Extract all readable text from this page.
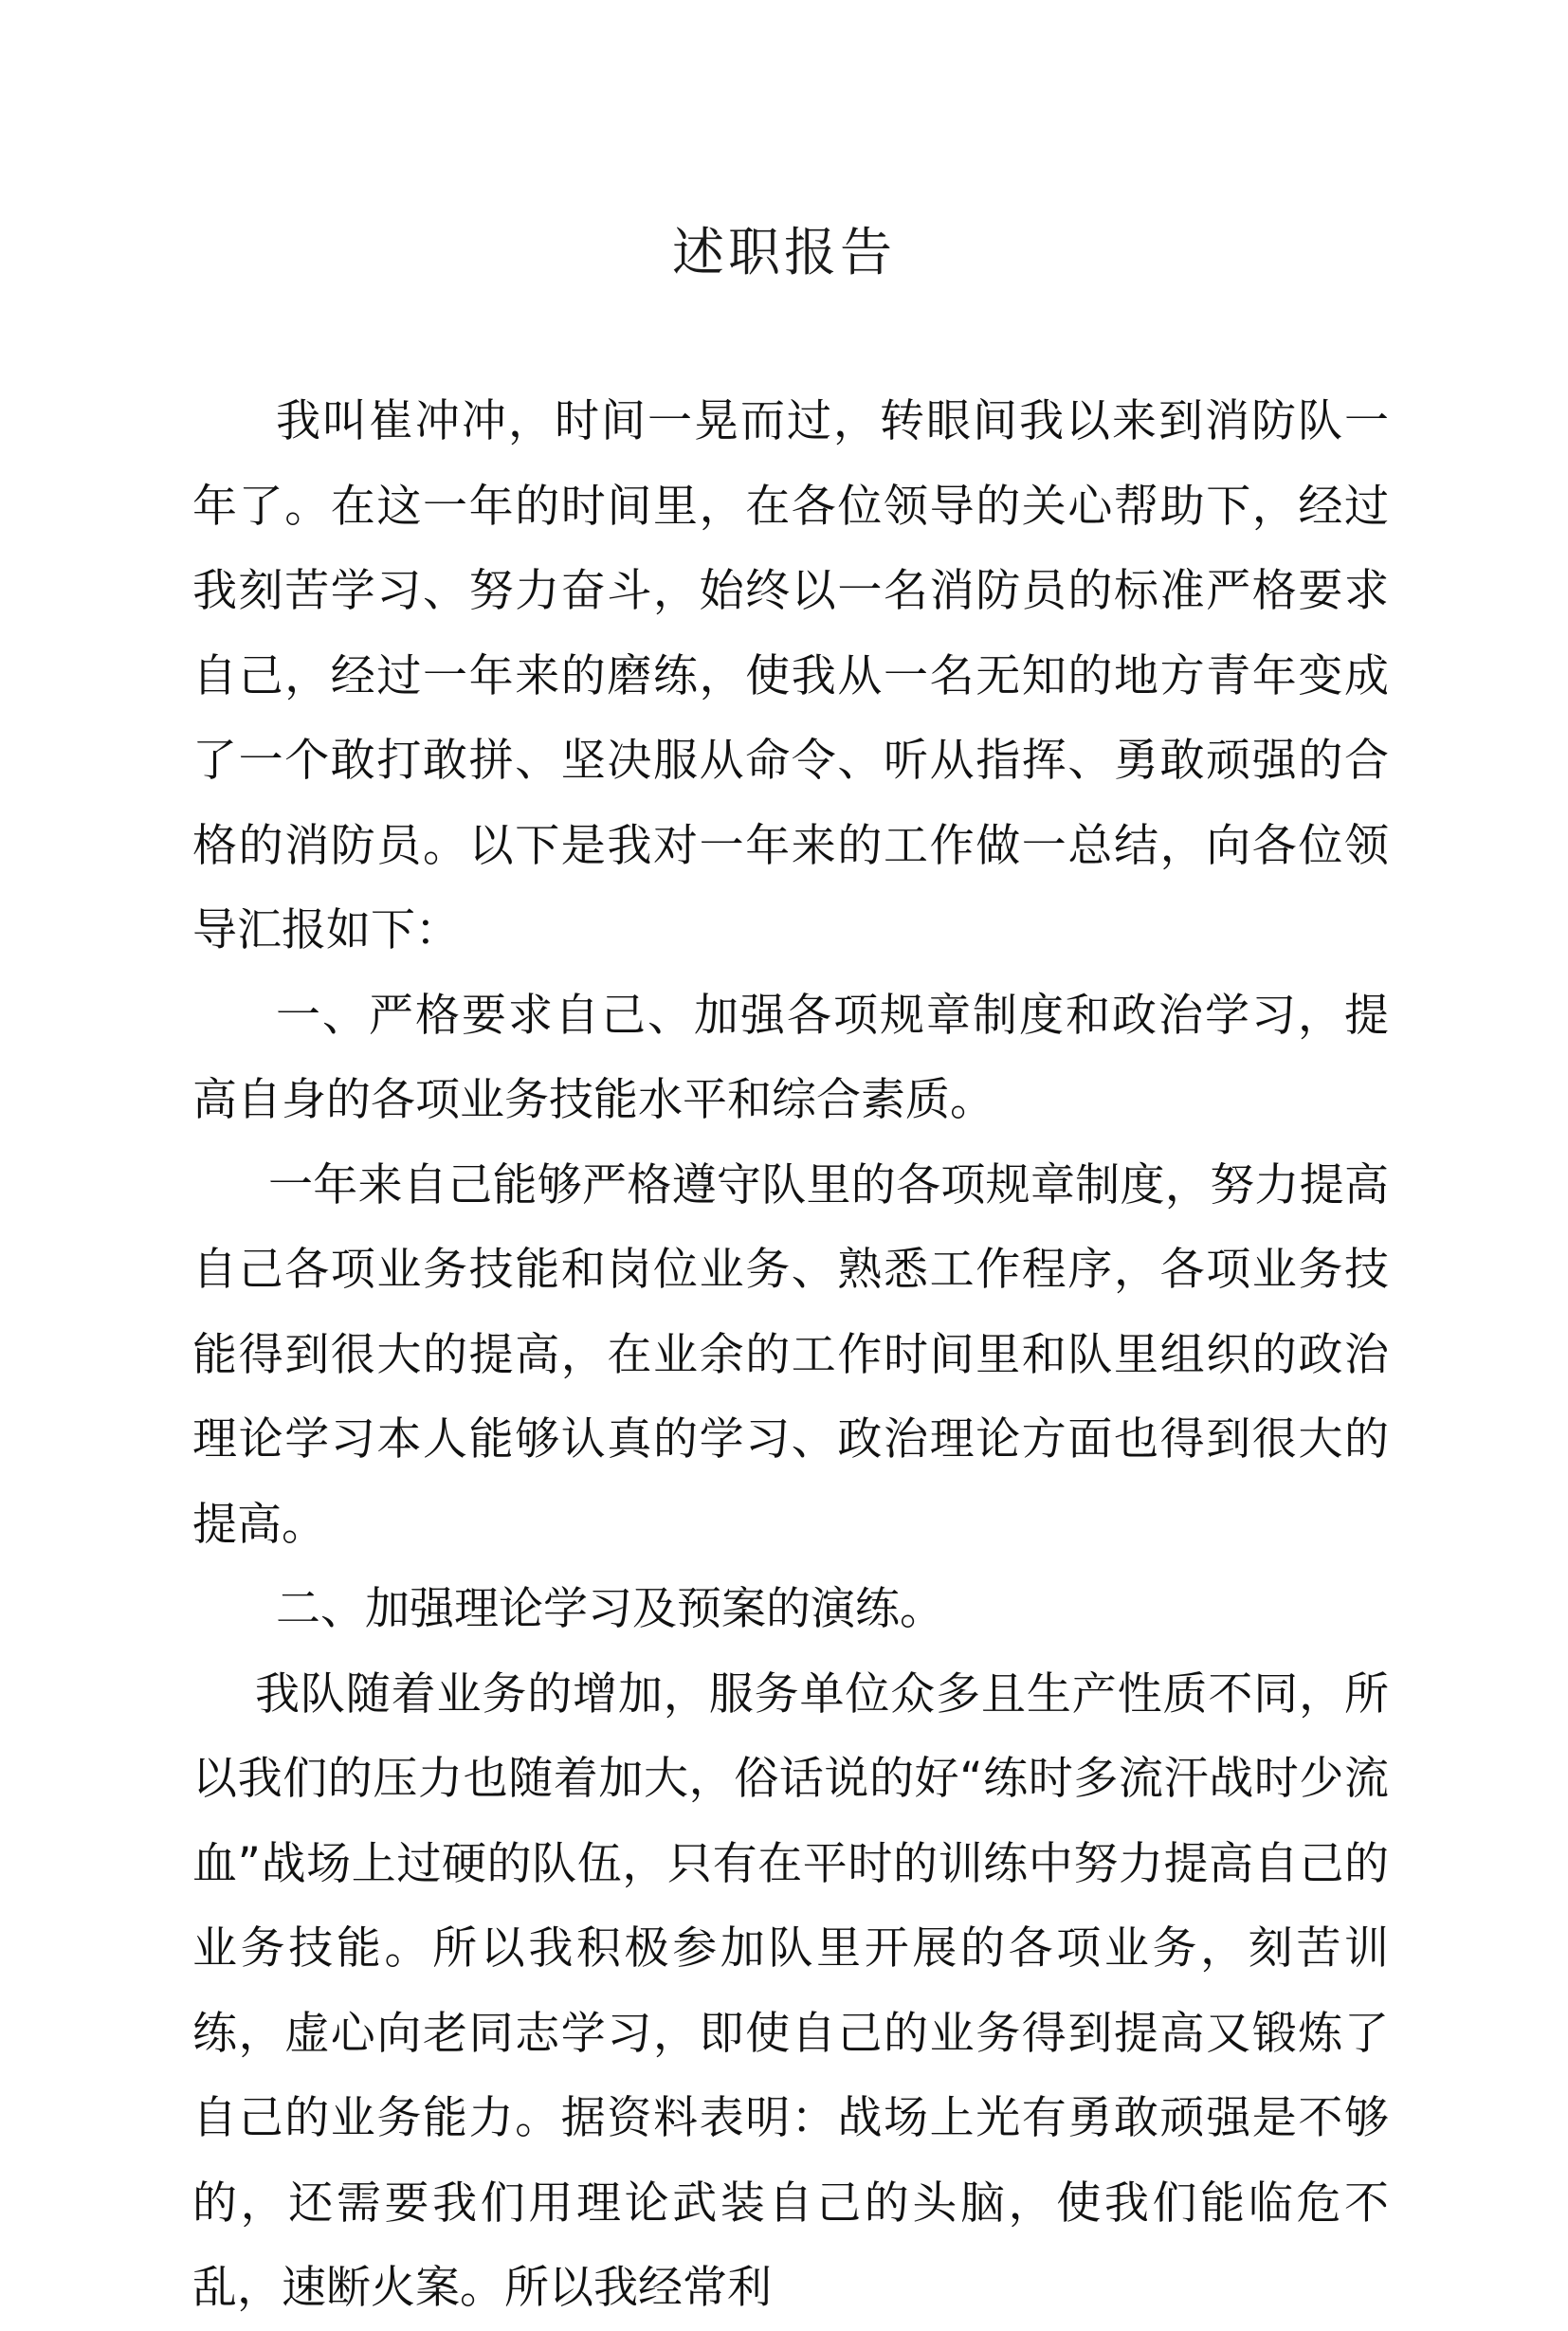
述职报告

我叫崔冲冲，时间一晃而过，转眼间我以来到消防队一年了。在这一年的时间里，在各位领导的关心帮助下，经过我刻苦学习、努力奋斗，始终以一名消防员的标准严格要求自己，经过一年来的磨练，使我从一名无知的地方青年变成了一个敢打敢拼、坚决服从命令、听从指挥、勇敢顽强的合格的消防员。以下是我对一年来的工作做一总结，向各位领导汇报如下：

一、严格要求自己、加强各项规章制度和政治学习，提高自身的各项业务技能水平和综合素质。

一年来自己能够严格遵守队里的各项规章制度，努力提高自己各项业务技能和岗位业务、熟悉工作程序，各项业务技能得到很大的提高，在业余的工作时间里和队里组织的政治理论学习本人能够认真的学习、政治理论方面也得到很大的提高。

二、加强理论学习及预案的演练。

我队随着业务的增加，服务单位众多且生产性质不同，所以我们的压力也随着加大，俗话说的好“练时多流汗战时少流血”战场上过硬的队伍，只有在平时的训练中努力提高自己的业务技能。所以我积极参加队里开展的各项业务，刻苦训练，虚心向老同志学习，即使自己的业务得到提高又锻炼了自己的业务能力。据资料表明：战场上光有勇敢顽强是不够的，还需要我们用理论武装自己的头脑，使我们能临危不乱，速断火案。所以我经常利
